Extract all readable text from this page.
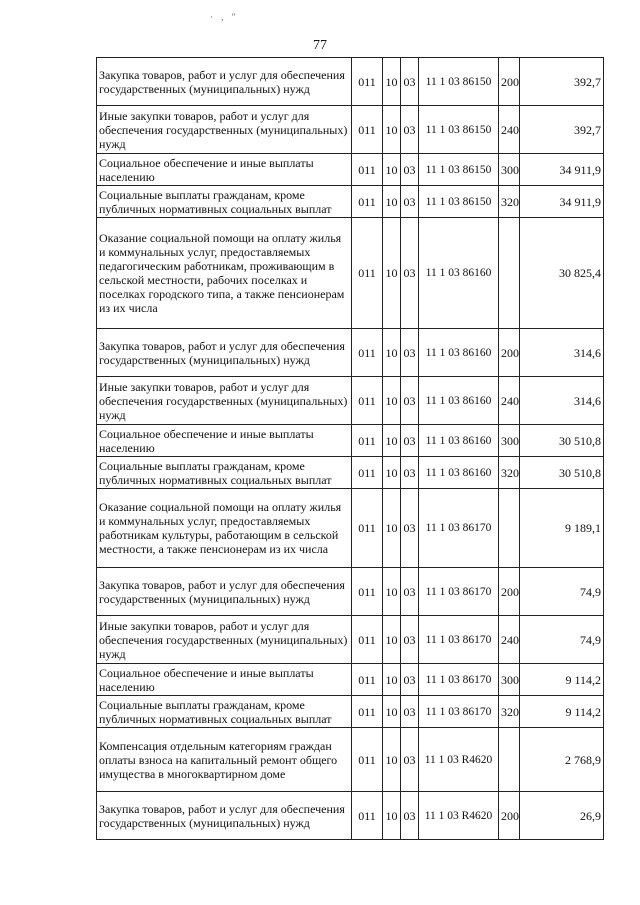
· , ″
77
Закупка товаров, работ и услуг для обеспечения государственных (муниципальных) нужд	011	10	03	11 1 03 86150	200	392,7
Иные закупки товаров, работ и услуг для обеспечения государственных (муниципальных) нужд	011	10	03	11 1 03 86150	240	392,7
Социальное обеспечение и иные выплаты населению	011	10	03	11 1 03 86150	300	34 911,9
Социальные выплаты гражданам, кроме публичных нормативных социальных выплат	011	10	03	11 1 03 86150	320	34 911,9
Оказание социальной помощи на оплату жилья и коммунальных услуг, предоставляемых педагогическим работникам, проживающим в сельской местности, рабочих поселках и поселках городского типа, а также пенсионерам из их числа	011	10	03	11 1 03 86160		30 825,4
Закупка товаров, работ и услуг для обеспечения государственных (муниципальных) нужд	011	10	03	11 1 03 86160	200	314,6
Иные закупки товаров, работ и услуг для обеспечения государственных (муниципальных) нужд	011	10	03	11 1 03 86160	240	314,6
Социальное обеспечение и иные выплаты населению	011	10	03	11 1 03 86160	300	30 510,8
Социальные выплаты гражданам, кроме публичных нормативных социальных выплат	011	10	03	11 1 03 86160	320	30 510,8
Оказание социальной помощи на оплату жилья и коммунальных услуг, предоставляемых работникам культуры, работающим в сельской местности, а также пенсионерам из их числа	011	10	03	11 1 03 86170		9 189,1
Закупка товаров, работ и услуг для обеспечения государственных (муниципальных) нужд	011	10	03	11 1 03 86170	200	74,9
Иные закупки товаров, работ и услуг для обеспечения государственных (муниципальных) нужд	011	10	03	11 1 03 86170	240	74,9
Социальное обеспечение и иные выплаты населению	011	10	03	11 1 03 86170	300	9 114,2
Социальные выплаты гражданам, кроме публичных нормативных социальных выплат	011	10	03	11 1 03 86170	320	9 114,2
Компенсация отдельным категориям граждан оплаты взноса на капитальный ремонт общего имущества в многоквартирном доме	011	10	03	11 1 03 R4620		2 768,9
Закупка товаров, работ и услуг для обеспечения государственных (муниципальных) нужд	011	10	03	11 1 03 R4620	200	26,9
